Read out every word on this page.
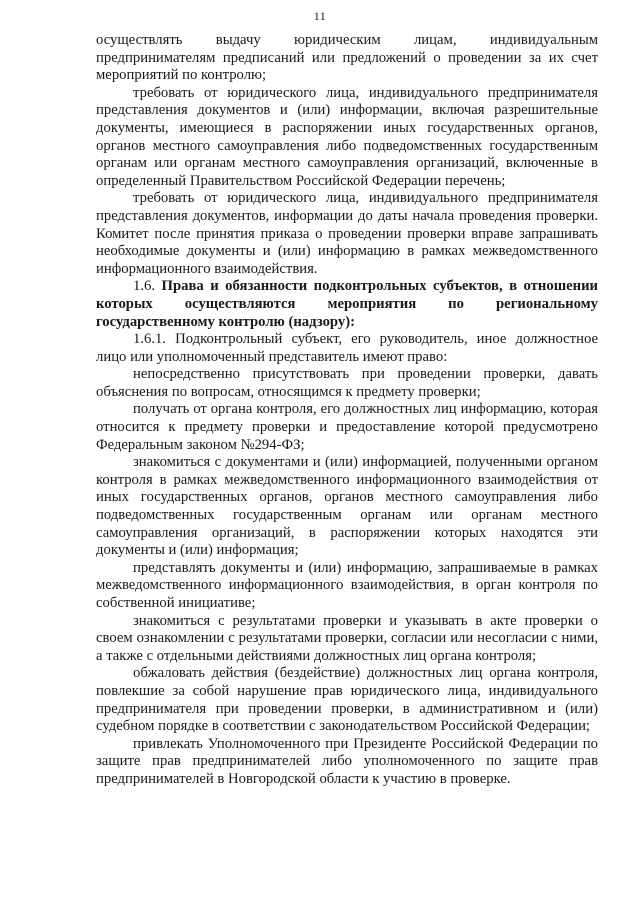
11

осуществлять выдачу юридическим лицам, индивидуальным предпринимателям предписаний или предложений о проведении за их счет мероприятий по контролю;

требовать от юридического лица, индивидуального предпринимателя представления документов и (или) информации, включая разрешительные документы, имеющиеся в распоряжении иных государственных органов, органов местного самоуправления либо подведомственных государственным органам или органам местного самоуправления организаций, включенные в определенный Правительством Российской Федерации перечень;

требовать от юридического лица, индивидуального предпринимателя представления документов, информации до даты начала проведения проверки. Комитет после принятия приказа о проведении проверки вправе запрашивать необходимые документы и (или) информацию в рамках межведомственного информационного взаимодействия.

1.6. Права и обязанности подконтрольных субъектов, в отношении которых осуществляются мероприятия по региональному государственному контролю (надзору):

1.6.1. Подконтрольный субъект, его руководитель, иное должностное лицо или уполномоченный представитель имеют право:

непосредственно присутствовать при проведении проверки, давать объяснения по вопросам, относящимся к предмету проверки;

получать от органа контроля, его должностных лиц информацию, которая относится к предмету проверки и предоставление которой предусмотрено Федеральным законом №294-ФЗ;

знакомиться с документами и (или) информацией, полученными органом контроля в рамках межведомственного информационного взаимодействия от иных государственных органов, органов местного самоуправления либо подведомственных государственным органам или органам местного самоуправления организаций, в распоряжении которых находятся эти документы и (или) информация;

представлять документы и (или) информацию, запрашиваемые в рамках межведомственного информационного взаимодействия, в орган контроля по собственной инициативе;

знакомиться с результатами проверки и указывать в акте проверки о своем ознакомлении с результатами проверки, согласии или несогласии с ними, а также с отдельными действиями должностных лиц органа контроля;

обжаловать действия (бездействие) должностных лиц органа контроля, повлекшие за собой нарушение прав юридического лица, индивидуального предпринимателя при проведении проверки, в административном и (или) судебном порядке в соответствии с законодательством Российской Федерации;

привлекать Уполномоченного при Президенте Российской Федерации по защите прав предпринимателей либо уполномоченного по защите прав предпринимателей в Новгородской области к участию в проверке.
